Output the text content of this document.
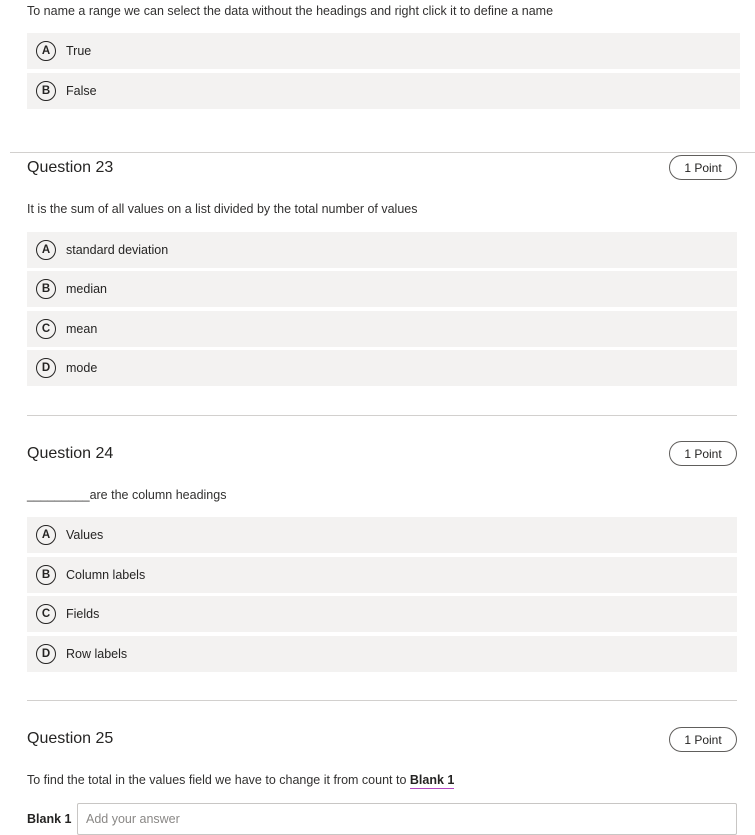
To name a range we can select the data without the headings and right click it to define a name
A	True
B	False
Question 23	1 Point
It is the sum of all values on a list divided by the total number of values
A	standard deviation
B	median
C	mean
D	mode
Question 24	1 Point
_________are the column headings
A	Values
B	Column labels
C	Fields
D	Row labels
Question 25	1 Point
To find the total in the values field we have to change it from count to Blank 1
Blank 1
Add your answer
